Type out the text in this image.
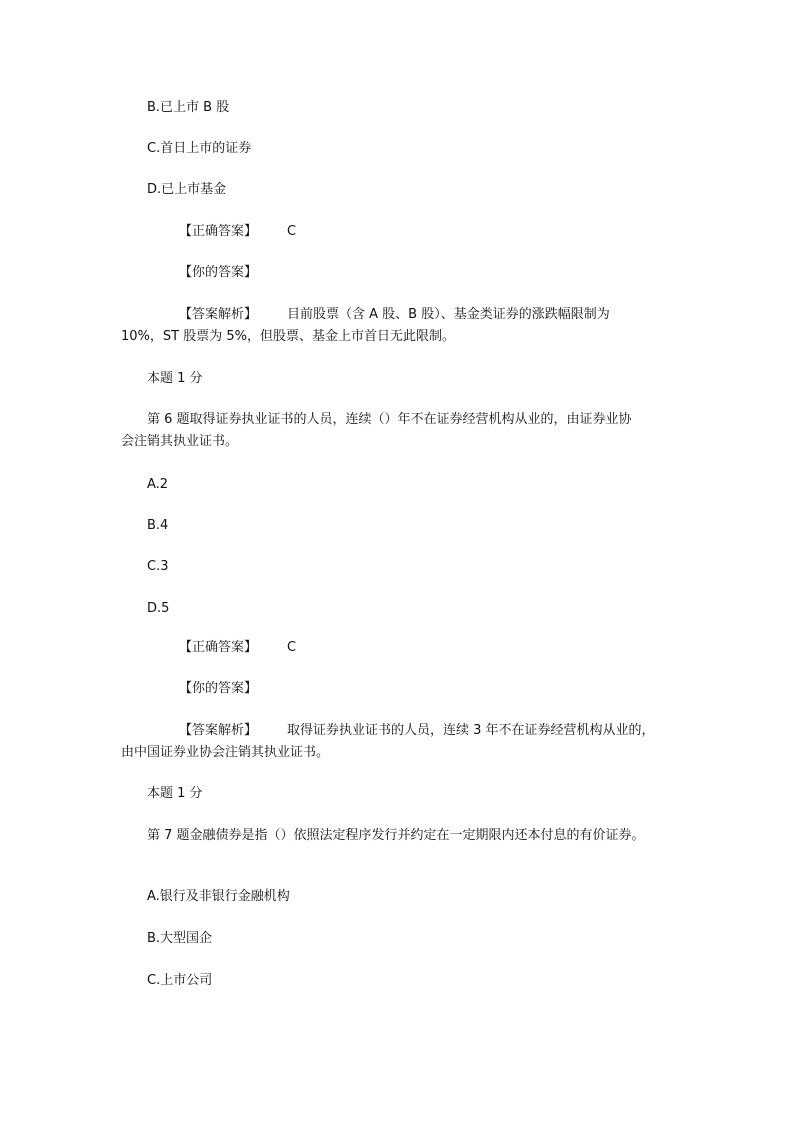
B.已上市 B 股
C.首日上市的证券
D.已上市基金
【正确答案】 C
【你的答案】
【答案解析】 目前股票（含 A 股、B 股）、基金类证券的涨跌幅限制为
10%，ST 股票为 5%，但股票、基金上市首日无此限制。
本题 1 分
第 6 题取得证券执业证书的人员，连续（）年不在证券经营机构从业的，由证券业协
会注销其执业证书。
A.2
B.4
C.3
D.5
【正确答案】 C
【你的答案】
【答案解析】 取得证券执业证书的人员，连续 3 年不在证券经营机构从业的，
由中国证券业协会注销其执业证书。
本题 1 分
第 7 题金融债券是指（）依照法定程序发行并约定在一定期限内还本付息的有价证券。
A.银行及非银行金融机构
B.大型国企
C.上市公司
